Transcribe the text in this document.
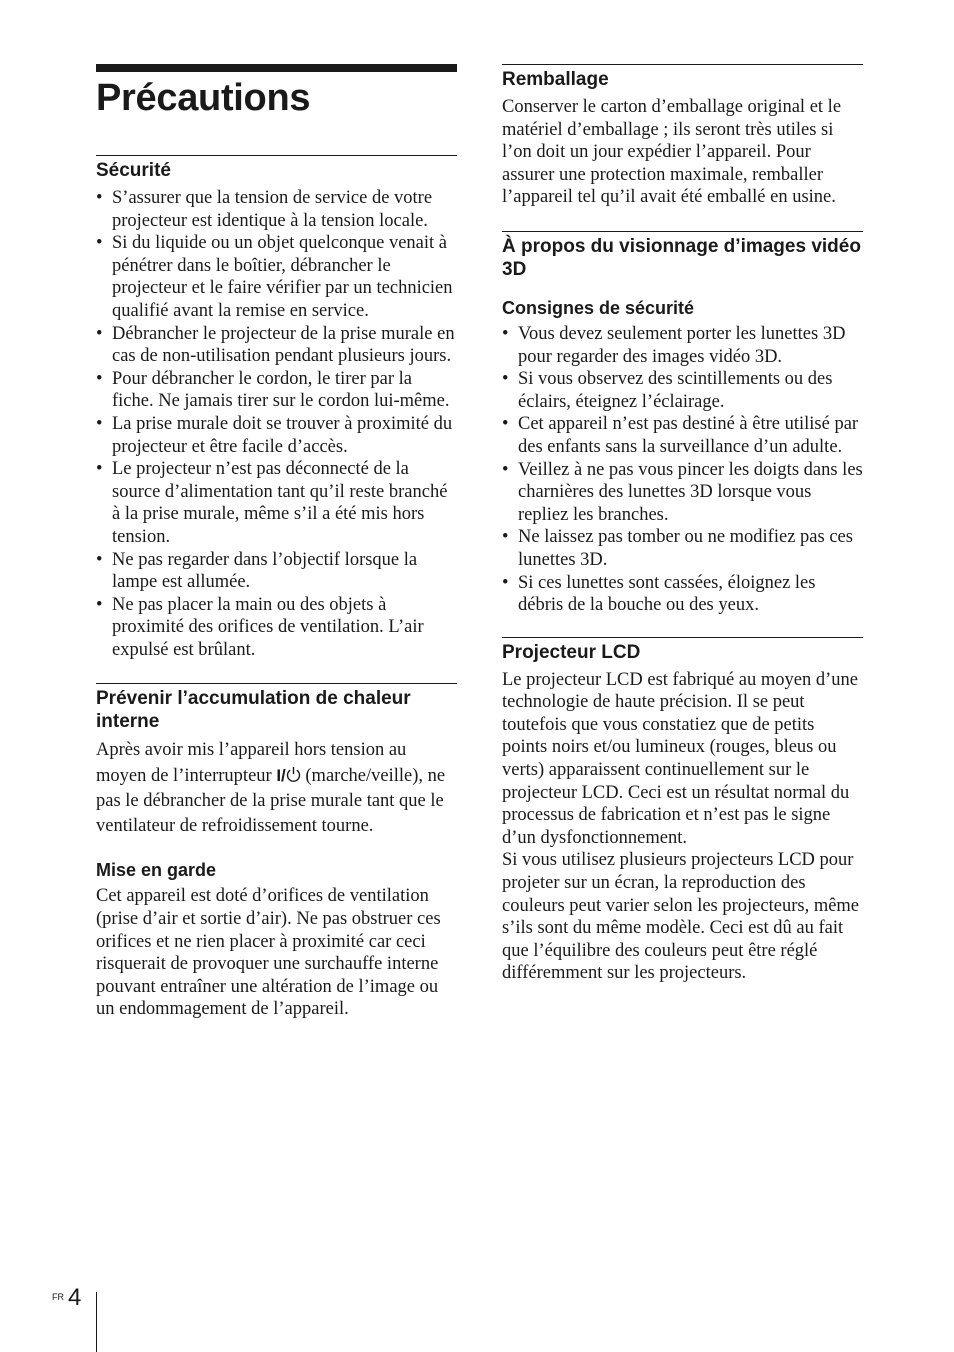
Précautions
Sécurité
• S’assurer que la tension de service de votre projecteur est identique à la tension locale.
• Si du liquide ou un objet quelconque venait à pénétrer dans le boîtier, débrancher le projecteur et le faire vérifier par un technicien qualifié avant la remise en service.
• Débrancher le projecteur de la prise murale en cas de non-utilisation pendant plusieurs jours.
• Pour débrancher le cordon, le tirer par la fiche. Ne jamais tirer sur le cordon lui-même.
• La prise murale doit se trouver à proximité du projecteur et être facile d’accès.
• Le projecteur n’est pas déconnecté de la source d’alimentation tant qu’il reste branché à la prise murale, même s’il a été mis hors tension.
• Ne pas regarder dans l’objectif lorsque la lampe est allumée.
• Ne pas placer la main ou des objets à proximité des orifices de ventilation. L’air expulsé est brûlant.
Prévenir l’accumulation de chaleur interne

Après avoir mis l’appareil hors tension au moyen de l’interrupteur I/ (marche/veille), ne pas le débrancher de la prise murale tant que le ventilateur de refroidissement tourne.

Mise en garde

Cet appareil est doté d’orifices de ventilation (prise d’air et sortie d’air). Ne pas obstruer ces orifices et ne rien placer à proximité car ceci risquerait de provoquer une surchauffe interne pouvant entraîner une altération de l’image ou un endommagement de l’appareil.

Remballage

Conserver le carton d’emballage original et le matériel d’emballage ; ils seront très utiles si l’on doit un jour expédier l’appareil. Pour assurer une protection maximale, remballer l’appareil tel qu’il avait été emballé en usine.

À propos du visionnage d’images vidéo 3D
Consignes de sécurité
• Vous devez seulement porter les lunettes 3D pour regarder des images vidéo 3D.
• Si vous observez des scintillements ou des éclairs, éteignez l’éclairage.
• Cet appareil n’est pas destiné à être utilisé par des enfants sans la surveillance d’un adulte.
• Veillez à ne pas vous pincer les doigts dans les charnières des lunettes 3D lorsque vous repliez les branches.
• Ne laissez pas tomber ou ne modifiez pas ces lunettes 3D.
• Si ces lunettes sont cassées, éloignez les débris de la bouche ou des yeux.
Projecteur LCD

Le projecteur LCD est fabriqué au moyen d’une technologie de haute précision. Il se peut toutefois que vous constatiez que de petits points noirs et/ou lumineux (rouges, bleus ou verts) apparaissent continuellement sur le projecteur LCD. Ceci est un résultat normal du processus de fabrication et n’est pas le signe d’un dysfonctionnement.

Si vous utilisez plusieurs projecteurs LCD pour projeter sur un écran, la reproduction des couleurs peut varier selon les projecteurs, même s’ils sont du même modèle. Ceci est dû au fait que l’équilibre des couleurs peut être réglé différemment sur les projecteurs.

FR 4
